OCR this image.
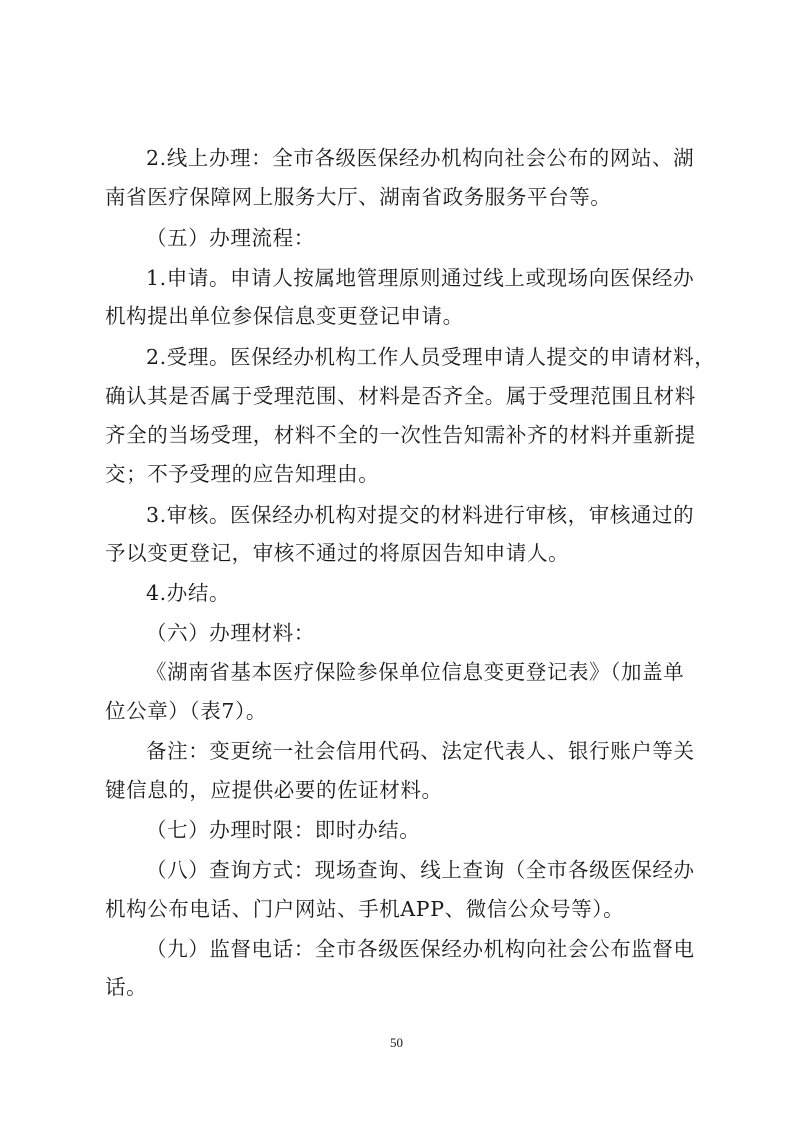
2.线上办理：全市各级医保经办机构向社会公布的网站、湖
南省医疗保障网上服务大厅、湖南省政务服务平台等。
（五）办理流程：
1.申请。申请人按属地管理原则通过线上或现场向医保经办
机构提出单位参保信息变更登记申请。
2.受理。医保经办机构工作人员受理申请人提交的申请材料，
确认其是否属于受理范围、材料是否齐全。属于受理范围且材料
齐全的当场受理，材料不全的一次性告知需补齐的材料并重新提
交；不予受理的应告知理由。
3.审核。医保经办机构对提交的材料进行审核，审核通过的
予以变更登记，审核不通过的将原因告知申请人。
4.办结。
（六）办理材料：
《湖南省基本医疗保险参保单位信息变更登记表》（加盖单
位公章）（表7）。
备注：变更统一社会信用代码、法定代表人、银行账户等关
键信息的，应提供必要的佐证材料。
（七）办理时限：即时办结。
（八）查询方式：现场查询、线上查询（全市各级医保经办
机构公布电话、门户网站、手机APP、微信公众号等）。
（九）监督电话：全市各级医保经办机构向社会公布监督电
话。
50
